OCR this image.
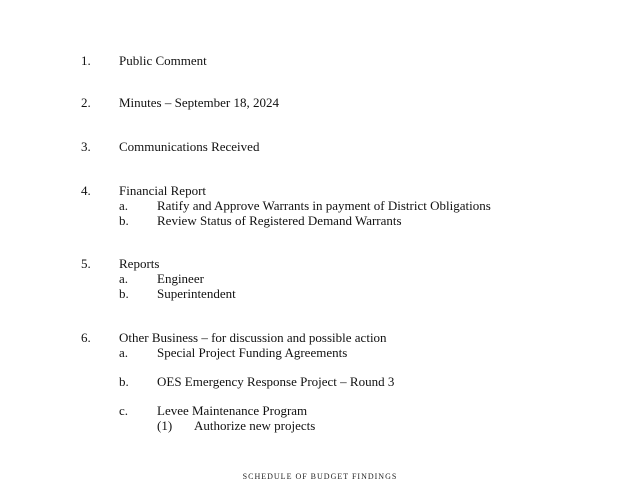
1. Public Comment
2. Minutes – September 18, 2024
3. Communications Received
4. Financial Report
a. Ratify and Approve Warrants in payment of District Obligations
b. Review Status of Registered Demand Warrants
5. Reports
a. Engineer
b. Superintendent
6. Other Business – for discussion and possible action
a. Special Project Funding Agreements
b. OES Emergency Response Project – Round 3
c. Levee Maintenance Program
(1) Authorize new projects
SCHEDULE OF BUDGET FINDINGS
